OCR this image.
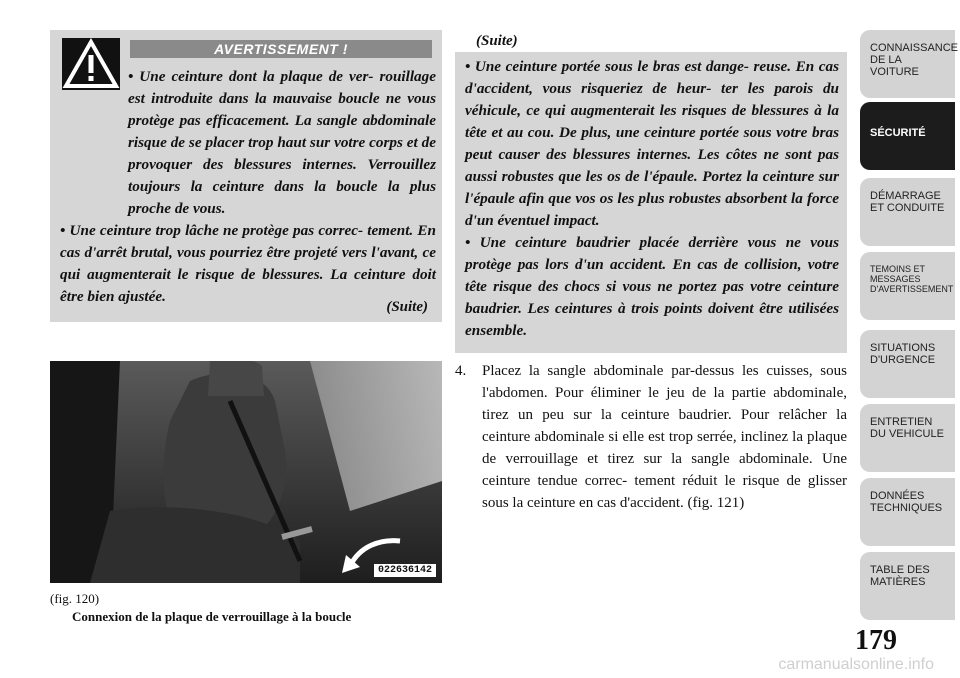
AVERTISSEMENT !

• Une ceinture dont la plaque de ver- rouillage est introduite dans la mauvaise boucle ne vous protège pas efficacement. La sangle abdominale risque de se placer trop haut sur votre corps et de provoquer des blessures internes. Verrouillez toujours la ceinture dans la boucle la plus proche de vous.

• Une ceinture trop lâche ne protège pas correc- tement. En cas d'arrêt brutal, vous pourriez être projeté vers l'avant, ce qui augmenterait le risque de blessures. La ceinture doit être bien ajustée.

(Suite)
(Suite)

• Une ceinture portée sous le bras est dange- reuse. En cas d'accident, vous risqueriez de heur- ter les parois du véhicule, ce qui augmenterait les risques de blessures à la tête et au cou. De plus, une ceinture portée sous votre bras peut causer des blessures internes. Les côtes ne sont pas aussi robustes que les os de l'épaule. Portez la ceinture sur l'épaule afin que vos os les plus robustes absorbent la force d'un éventuel impact.

• Une ceinture baudrier placée derrière vous ne vous protège pas lors d'un accident. En cas de collision, votre tête risque des chocs si vous ne portez pas votre ceinture baudrier. Les ceintures à trois points doivent être utilisées ensemble.

4.	Placez la sangle abdominale par-dessus les cuisses, sous l'abdomen. Pour éliminer le jeu de la partie abdominale, tirez un peu sur la ceinture baudrier. Pour relâcher la ceinture abdominale si elle est trop serrée, inclinez la plaque de verrouillage et tirez sur la sangle abdominale. Une ceinture tendue correc- tement réduit le risque de glisser sous la ceinture en cas d'accident. (fig. 121)
022636142
(fig. 120)
Connexion de la plaque de verrouillage à la boucle
CONNAISSANCE
DE LA VOITURE
SÉCURITÉ
DÉMARRAGE
ET CONDUITE
TEMOINS ET
MESSAGES
D'AVERTISSEMENT
SITUATIONS
D'URGENCE
ENTRETIEN
DU VEHICULE
DONNÉES
TECHNIQUES
TABLE DES
MATIÈRES
179
carmanualsonline.info
